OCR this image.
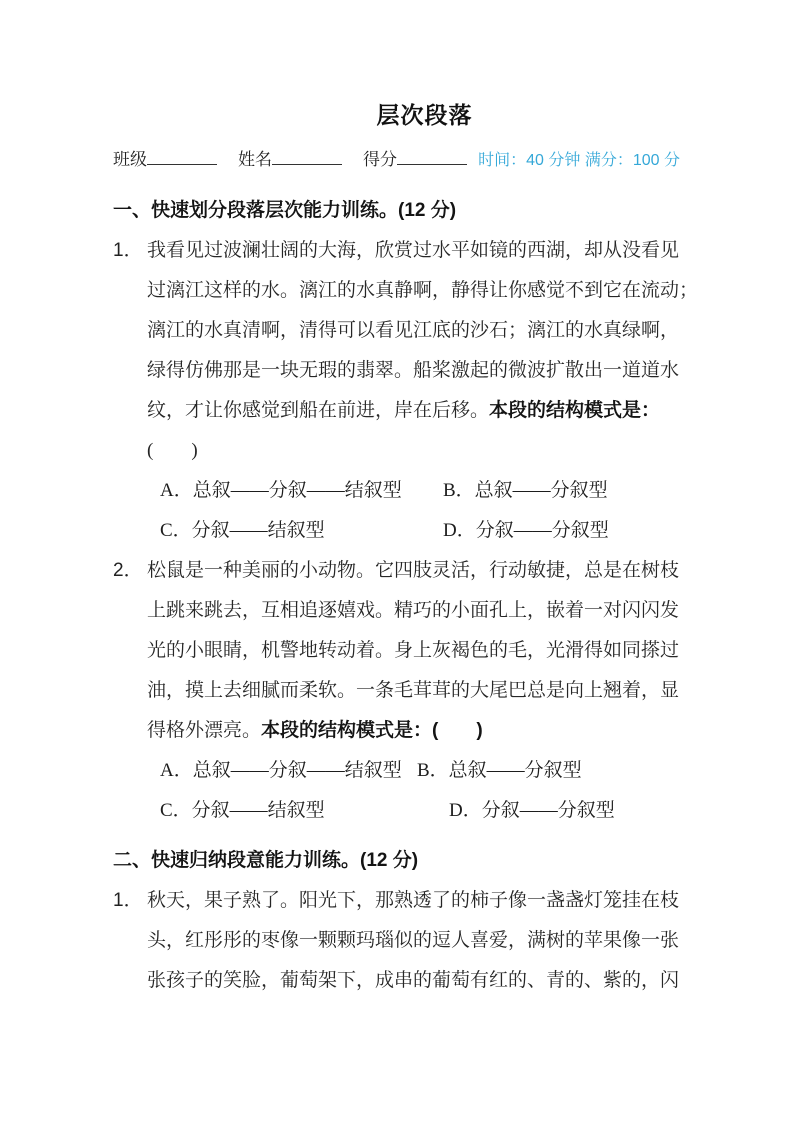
层次段落
班级	姓名	得分	时间：40 分钟 满分：100 分
一、快速划分段落层次能力训练。(12 分)
1． 我看见过波澜壮阔的大海，欣赏过水平如镜的西湖，却从没看见
过漓江这样的水。漓江的水真静啊，静得让你感觉不到它在流动；
漓江的水真清啊，清得可以看见江底的沙石；漓江的水真绿啊，
绿得仿佛那是一块无瑕的翡翠。船桨激起的微波扩散出一道道水
纹，才让你感觉到船在前进，岸在后移。本段的结构模式是：
(　　)
A．总叙——分叙——结叙型 B．总叙——分叙型
C．分叙——结叙型	D．分叙——分叙型
2． 松鼠是一种美丽的小动物。它四肢灵活，行动敏捷，总是在树枝
上跳来跳去，互相追逐嬉戏。精巧的小面孔上，嵌着一对闪闪发
光的小眼睛，机警地转动着。身上灰褐色的毛，光滑得如同搽过
油，摸上去细腻而柔软。一条毛茸茸的大尾巴总是向上翘着，显
得格外漂亮。本段的结构模式是：(　　)
A．总叙——分叙——结叙型 B．总叙——分叙型
C．分叙——结叙型	D．分叙——分叙型
二、快速归纳段意能力训练。(12 分)
1． 秋天，果子熟了。阳光下，那熟透了的柿子像一盏盏灯笼挂在枝
头，红彤彤的枣像一颗颗玛瑙似的逗人喜爱，满树的苹果像一张
张孩子的笑脸，葡萄架下，成串的葡萄有红的、青的、紫的，闪
